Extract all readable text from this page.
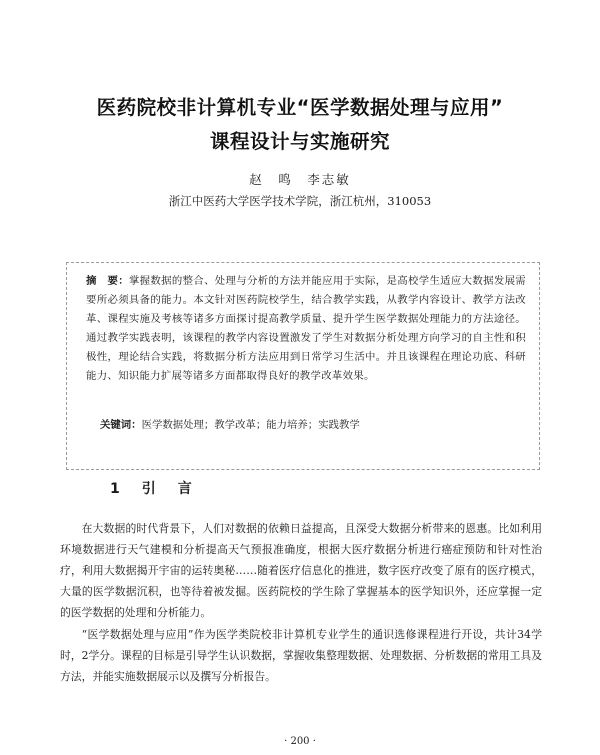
医药院校非计算机专业“医学数据处理与应用”
课程设计与实施研究
赵　鸣　李志敏
浙江中医药大学医学技术学院，浙江杭州，310053
摘　要：掌握数据的整合、处理与分析的方法并能应用于实际，是高校学生适应大数据发展需要所必须具备的能力。本文针对医药院校学生，结合教学实践，从教学内容设计、教学方法改革、课程实施及考核等诸多方面探讨提高教学质量、提升学生医学数据处理能力的方法途径。通过教学实践表明，该课程的教学内容设置激发了学生对数据分析处理方向学习的自主性和积极性，理论结合实践，将数据分析方法应用到日常学习生活中。并且该课程在理论功底、科研能力、知识能力扩展等诸多方面都取得良好的教学改革效果。
关键词：医学数据处理；教学改革；能力培养；实践教学
1　引　言
在大数据的时代背景下，人们对数据的依赖日益提高，且深受大数据分析带来的恩惠。比如利用环境数据进行天气建模和分析提高天气预报准确度，根据大医疗数据分析进行癌症预防和针对性治疗，利用大数据揭开宇宙的运转奥秘……随着医疗信息化的推进，数字医疗改变了原有的医疗模式，大量的医学数据沉积，也等待着被发掘。医药院校的学生除了掌握基本的医学知识外，还应掌握一定的医学数据的处理和分析能力。
“医学数据处理与应用”作为医学类院校非计算机专业学生的通识选修课程进行开设，共计34学时，2学分。课程的目标是引导学生认识数据，掌握收集整理数据、处理数据、分析数据的常用工具及方法，并能实施数据展示以及撰写分析报告。
· 200 ·
